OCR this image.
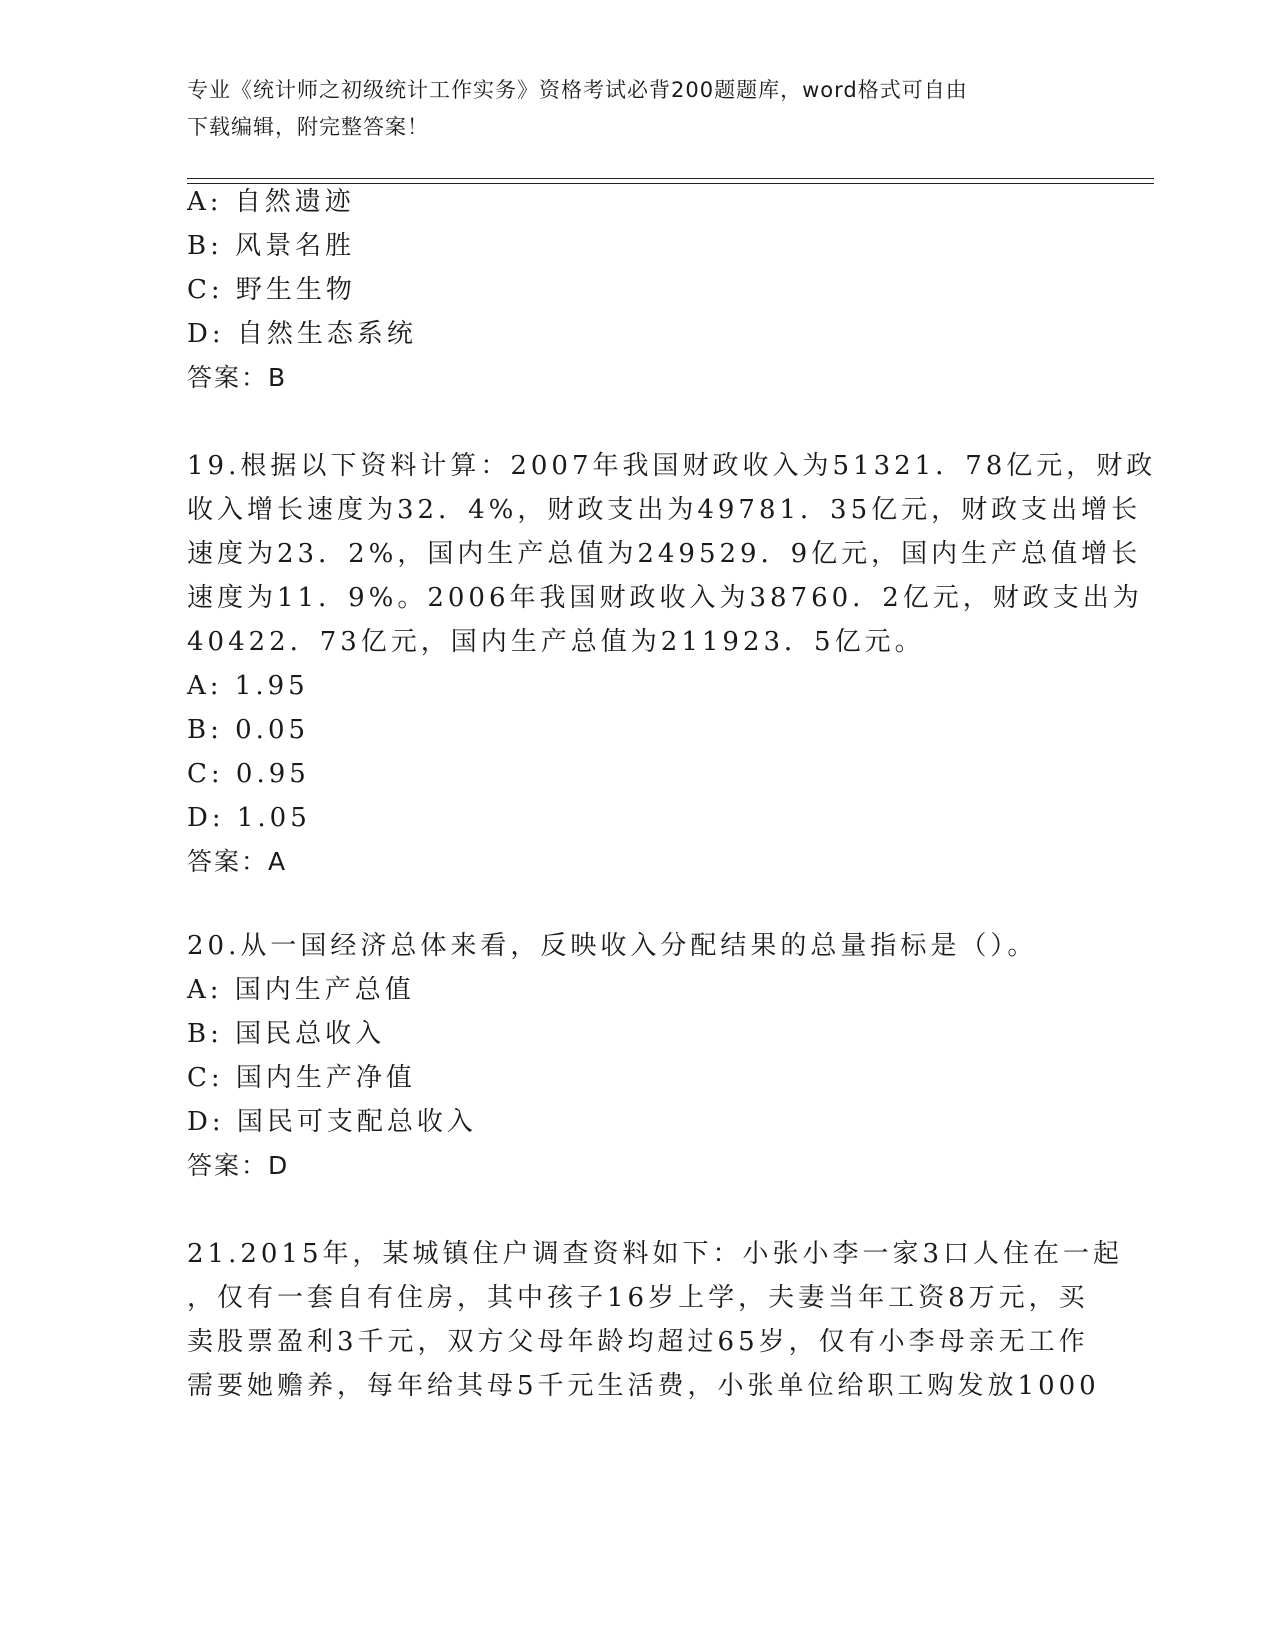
专业《统计师之初级统计工作实务》资格考试必背200题题库，word格式可自由
下载编辑，附完整答案！
A: 自然遗迹
B: 风景名胜
C: 野生生物
D: 自然生态系统
答案：B
19.根据以下资料计算：2007年我国财政收入为51321．78亿元，财政
收入增长速度为32．4%，财政支出为49781．35亿元，财政支出增长
速度为23．2%，国内生产总值为249529．9亿元，国内生产总值增长
速度为11．9%。2006年我国财政收入为38760．2亿元，财政支出为
40422．73亿元，国内生产总值为211923．5亿元。
A: 1.95
B: 0.05
C: 0.95
D: 1.05
答案：A
20.从一国经济总体来看，反映收入分配结果的总量指标是（）。
A: 国内生产总值
B: 国民总收入
C: 国内生产净值
D: 国民可支配总收入
答案：D
21.2015年，某城镇住户调查资料如下：小张小李一家3口人住在一起
，仅有一套自有住房，其中孩子16岁上学，夫妻当年工资8万元，买
卖股票盈利3千元，双方父母年龄均超过65岁，仅有小李母亲无工作
需要她赡养，每年给其母5千元生活费，小张单位给职工购发放1000
